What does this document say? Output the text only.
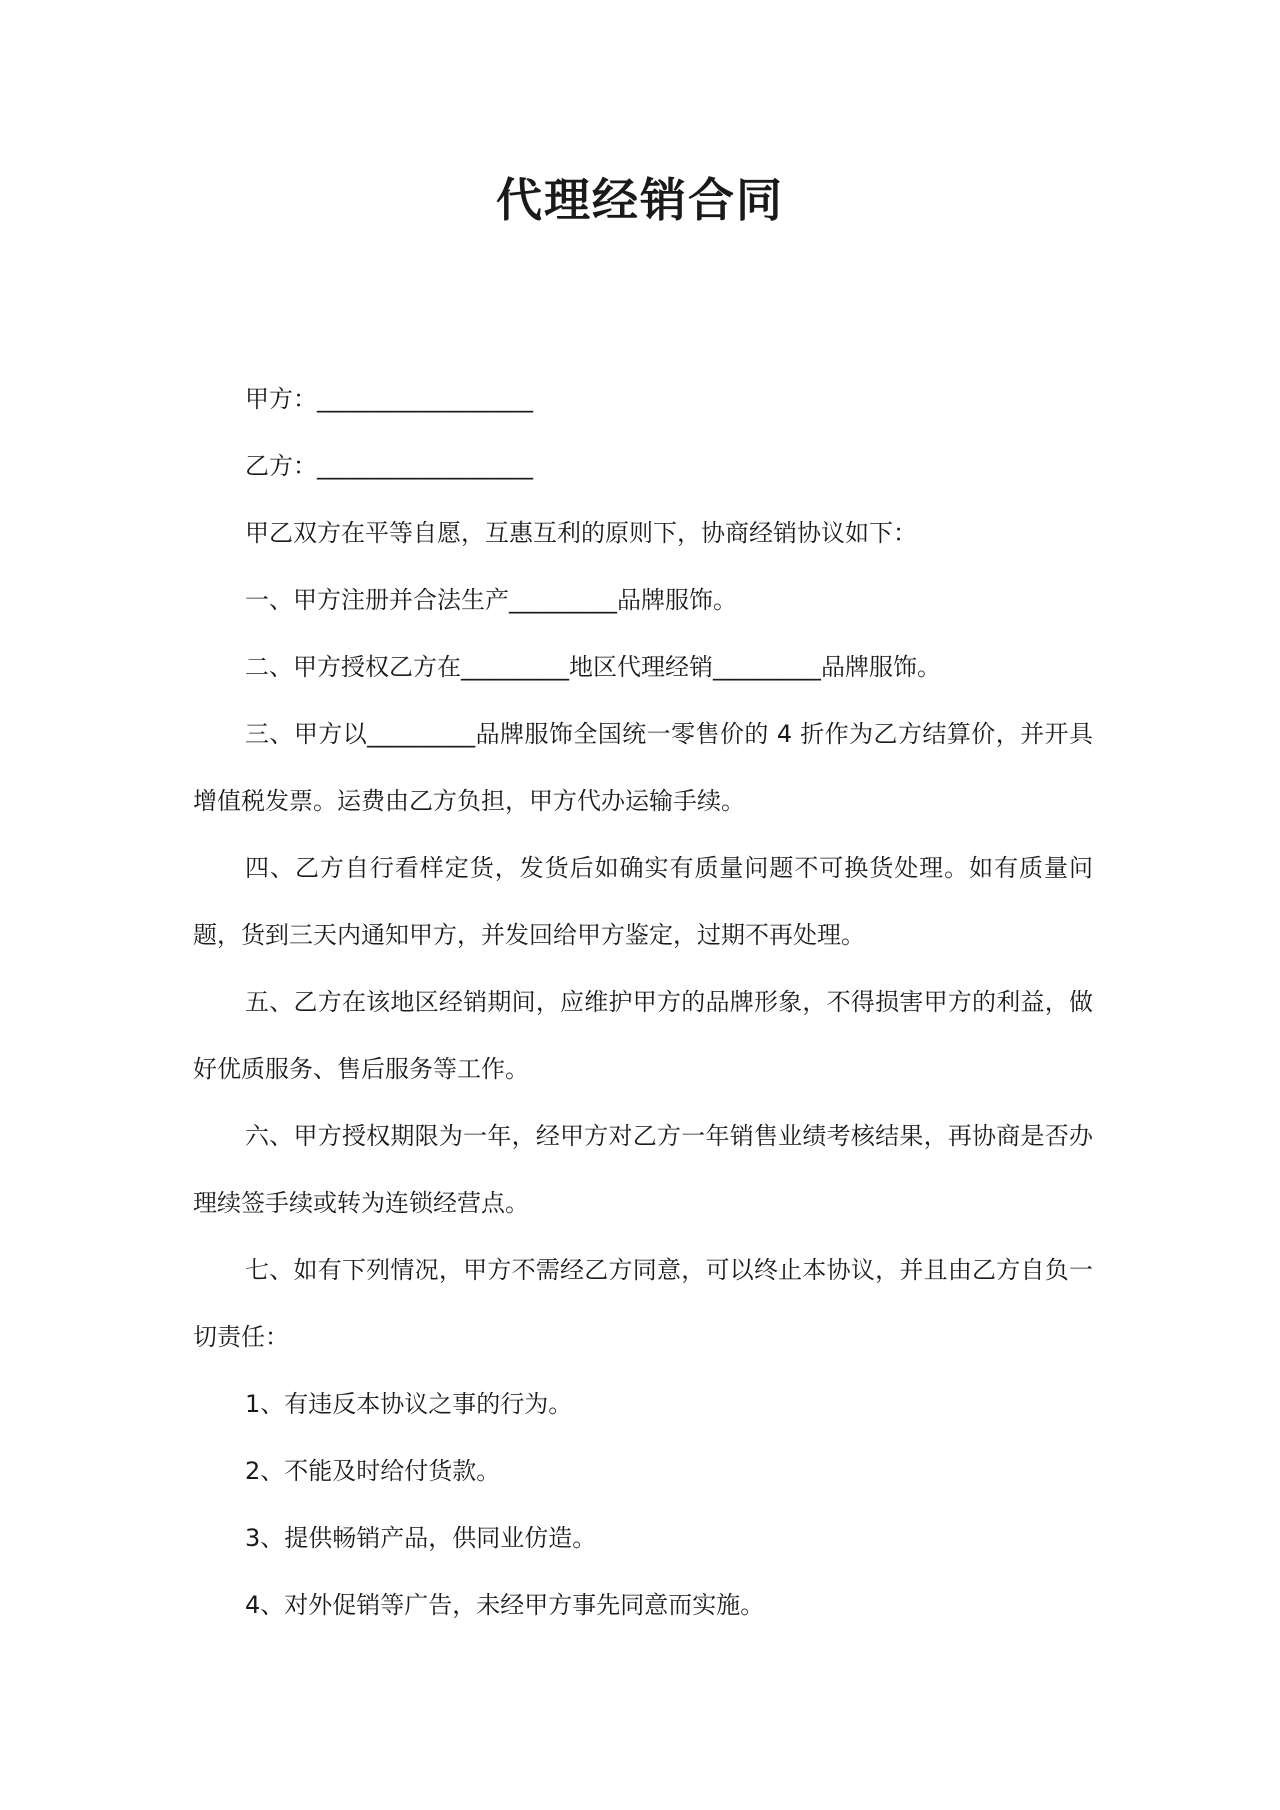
代理经销合同

甲方：__________________

乙方：__________________

甲乙双方在平等自愿，互惠互利的原则下，协商经销协议如下：

一、甲方注册并合法生产_________品牌服饰。

二、甲方授权乙方在_________地区代理经销_________品牌服饰。

三、甲方以_________品牌服饰全国统一零售价的 4 折作为乙方结算价，并开具增值税发票。运费由乙方负担，甲方代办运输手续。

四、乙方自行看样定货，发货后如确实有质量问题不可换货处理。如有质量问题，货到三天内通知甲方，并发回给甲方鉴定，过期不再处理。

五、乙方在该地区经销期间，应维护甲方的品牌形象，不得损害甲方的利益，做好优质服务、售后服务等工作。

六、甲方授权期限为一年，经甲方对乙方一年销售业绩考核结果，再协商是否办理续签手续或转为连锁经营点。

七、如有下列情况，甲方不需经乙方同意，可以终止本协议，并且由乙方自负一切责任：

1、有违反本协议之事的行为。

2、不能及时给付货款。

3、提供畅销产品，供同业仿造。

4、对外促销等广告，未经甲方事先同意而实施。
